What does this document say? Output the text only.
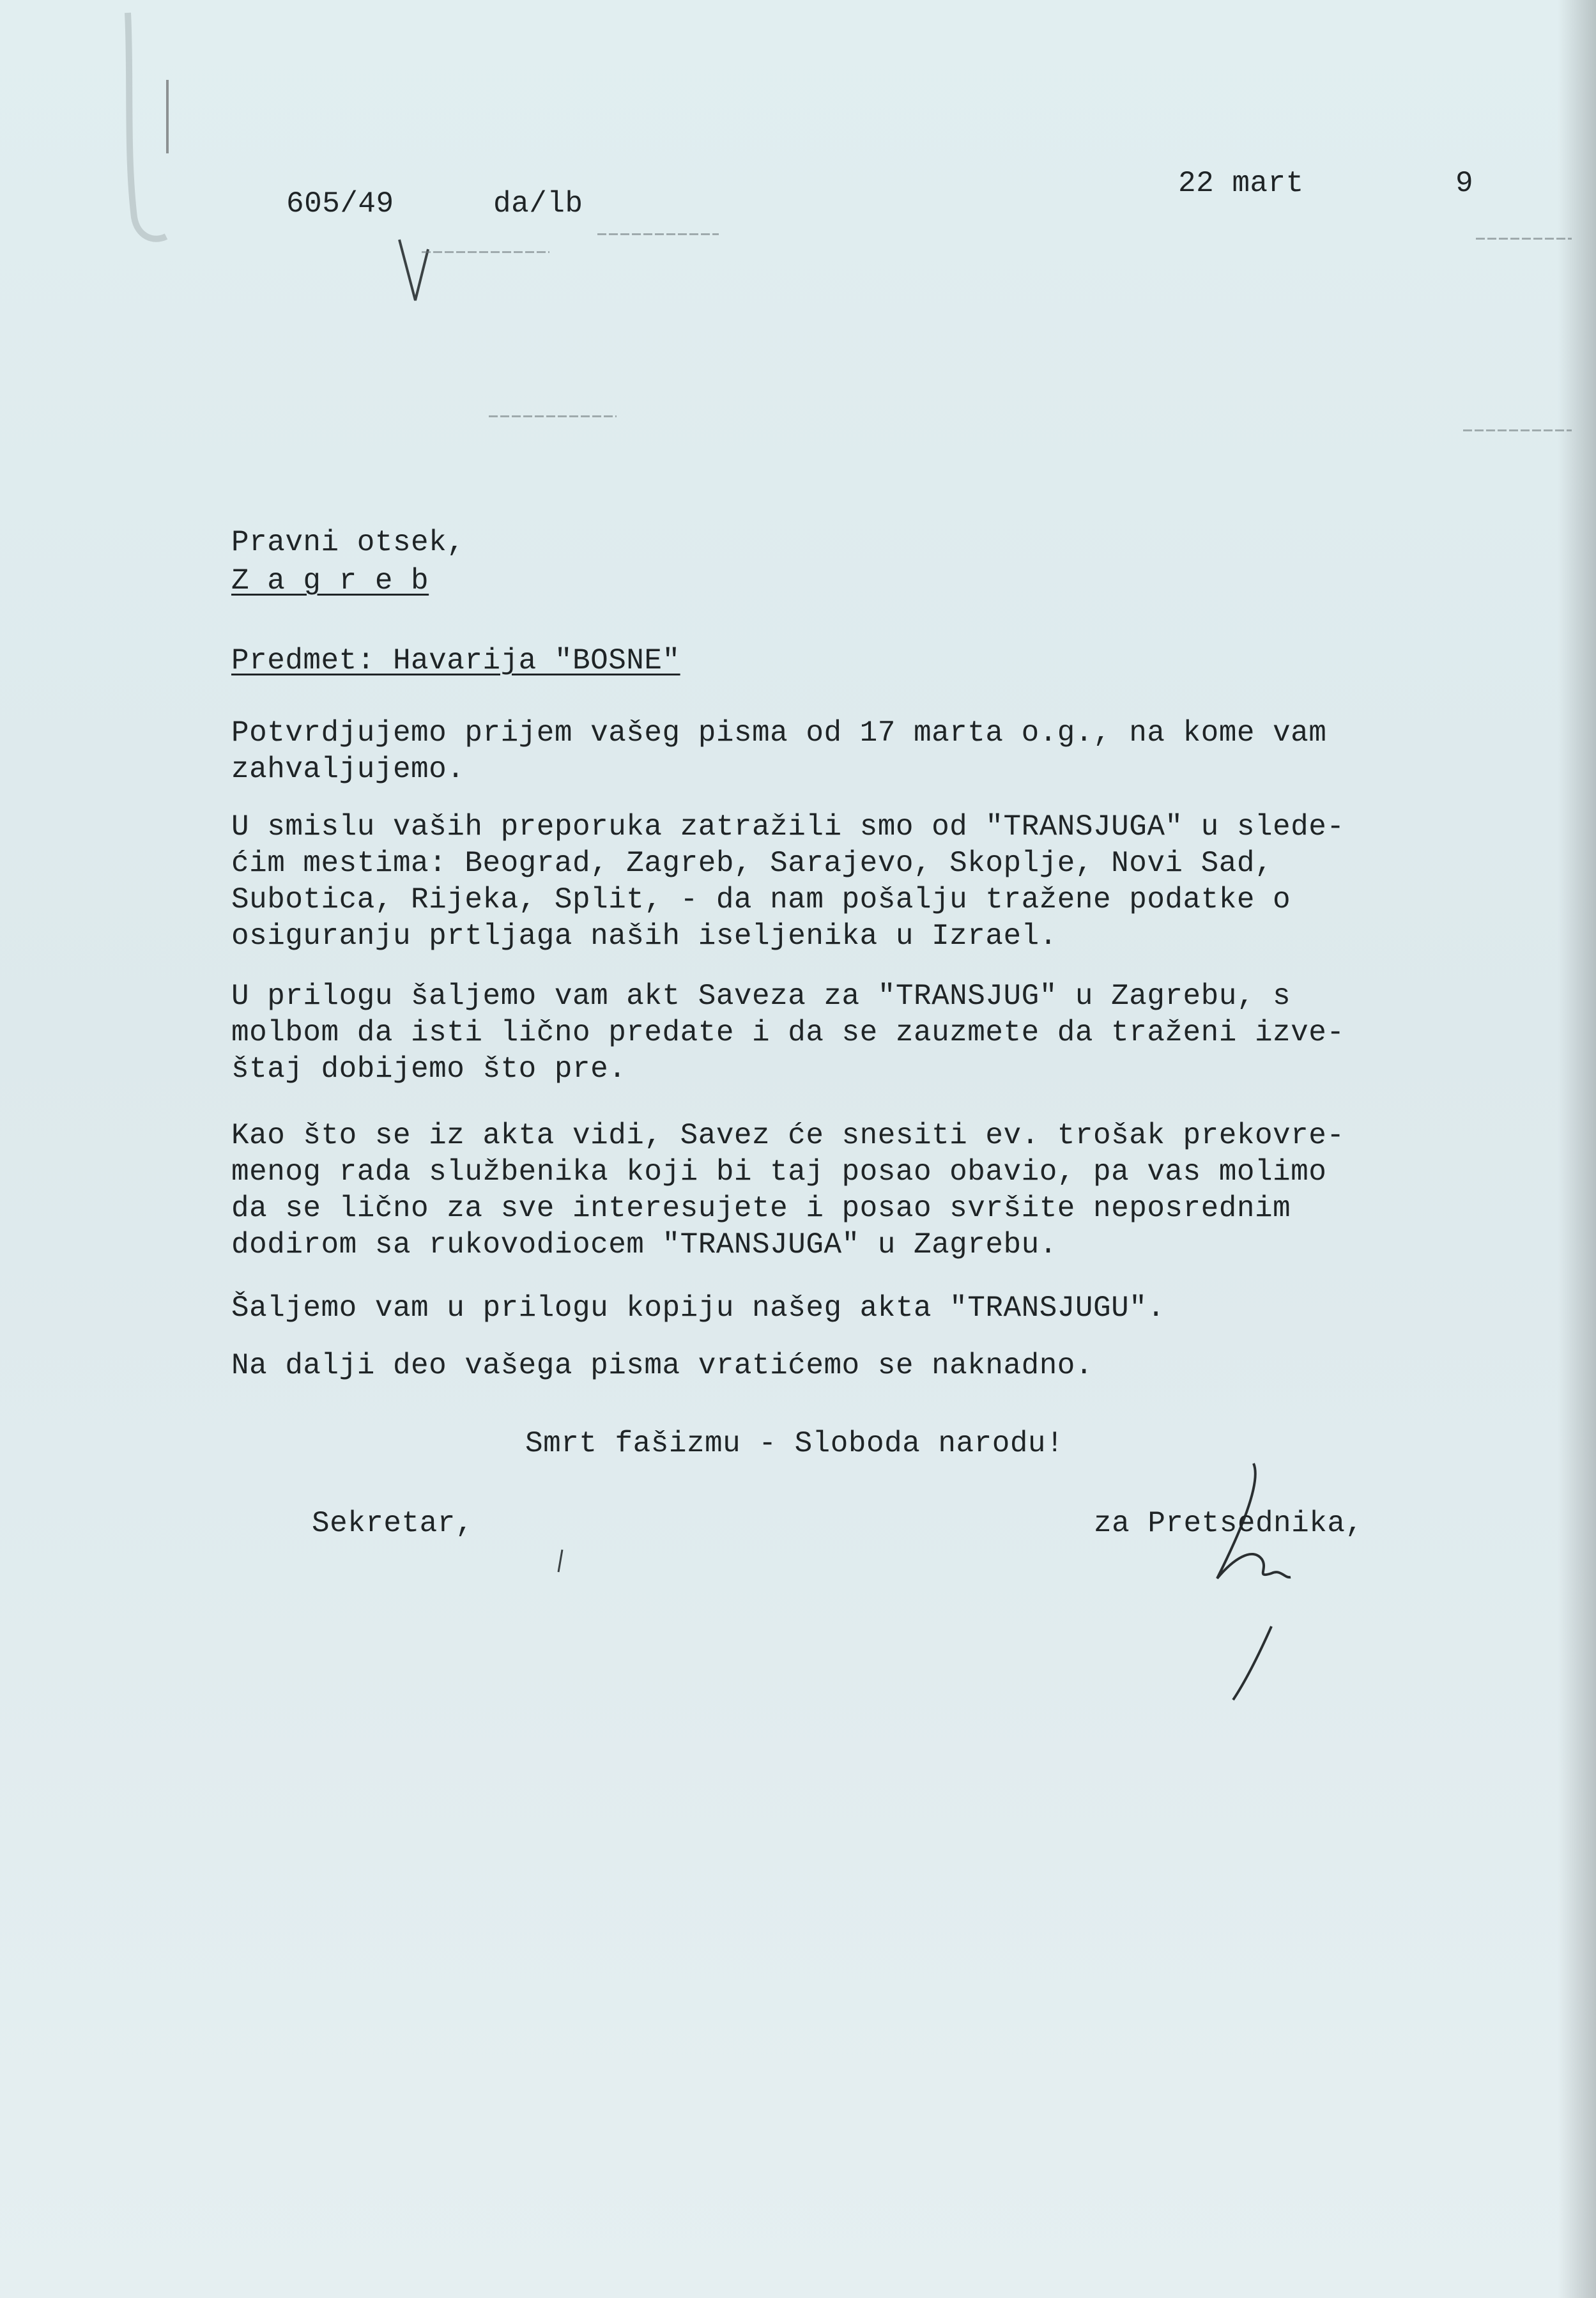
605/49	da/lb
22 mart	9
Pravni otsek,
Z a g r e b
Predmet: Havarija "BOSNE"
Potvrdjujemo prijem vašeg pisma od 17 marta o.g., na kome vam
zahvaljujemo.
U smislu vaših preporuka zatražili smo od "TRANSJUGA" u slede-
ćim mestima: Beograd, Zagreb, Sarajevo, Skoplje, Novi Sad,
Subotica, Rijeka, Split, - da nam pošalju tražene podatke o
osiguranju prtljaga naših iseljenika u Izrael.
U prilogu šaljemo vam akt Saveza za "TRANSJUG" u Zagrebu, s
molbom da isti lično predate i da se zauzmete da traženi izve-
štaj dobijemo što pre.
Kao što se iz akta vidi, Savez će snesiti ev. trošak prekovre-
menog rada službenika koji bi taj posao obavio, pa vas molimo
da se lično za sve interesujete i posao svršite neposrednim
dodirom sa rukovodiocem "TRANSJUGA" u Zagrebu.
Šaljemo vam u prilogu kopiju našeg akta "TRANSJUGU".
Na dalji deo vašega pisma vratićemo se naknadno.
Smrt fašizmu - Sloboda narodu!
Sekretar,	za Pretsednika,
